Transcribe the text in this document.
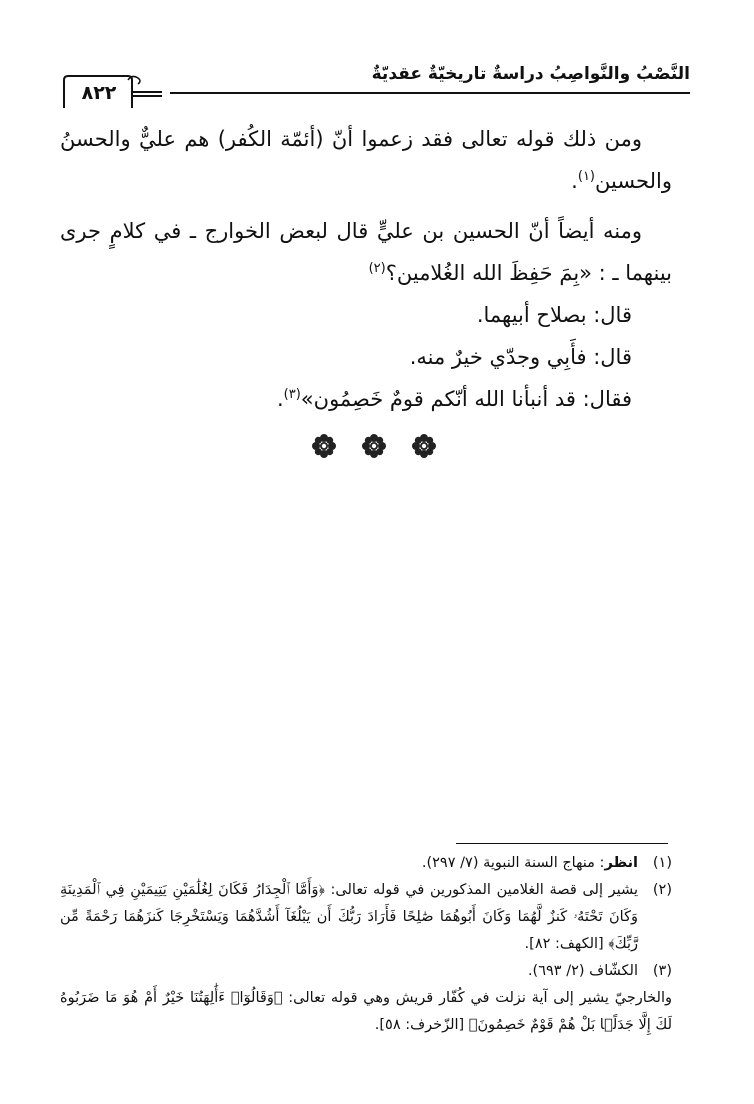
النَّصْبُ والنَّواصِبُ دراسةٌ تاريخيّةٌ عقديّةٌ
٨٢٢

ومن ذلك قوله تعالى فقد زعموا أنّ (أئمّة الكُفر) هم عليٌّ والحسنُ والحسين$^{(١)}$.

ومنه أيضاً أنّ الحسين بن عليٍّ قال لبعض الخوارج ـ في كلامٍ جرى بينهما ـ : «بِمَ حَفِظَ الله الغُلامين؟$^{(٢)}$

قال: بصلاح أبيهما.

قال: فأَبِي وجدّي خيرٌ منه.

فقال: قد أنبأنا الله أنّكم قومٌ خَصِمُون»$^{(٣)}$.

(١)
انظر: منهاج السنة النبوية (٧/ ٢٩٧).
(٢)
يشير إلى قصة الغلامين المذكورين في قوله تعالى: ﴿وَأَمَّا ٱلْجِدَارُ فَكَانَ لِغُلَٰمَيْنِ يَتِيمَيْنِ فِي ٱلْمَدِينَةِ وَكَانَ تَحْتَهُۥ كَنزٌ لَّهُمَا وَكَانَ أَبُوهُمَا صَٰلِحًا فَأَرَادَ رَبُّكَ أَن يَبْلُغَآ أَشُدَّهُمَا وَيَسْتَخْرِجَا كَنزَهُمَا رَحْمَةً مِّن رَّبِّكَ﴾ [الكهف: ٨٢].
(٣)
الكشّاف (٢/ ٦٩٣).
والخارجيّ يشير إلى آية نزلت في كُفّار قريش وهي قوله تعالى: ﴿وَقَالُوٓا۟ ءَأَٰلِهَتُنَا خَيْرٌ أَمْ هُوَ مَا ضَرَبُوهُ لَكَ إِلَّا جَدَلًۢا بَلْ هُمْ قَوْمٌ خَصِمُونَ﴾ [الزّخرف: ٥٨].
